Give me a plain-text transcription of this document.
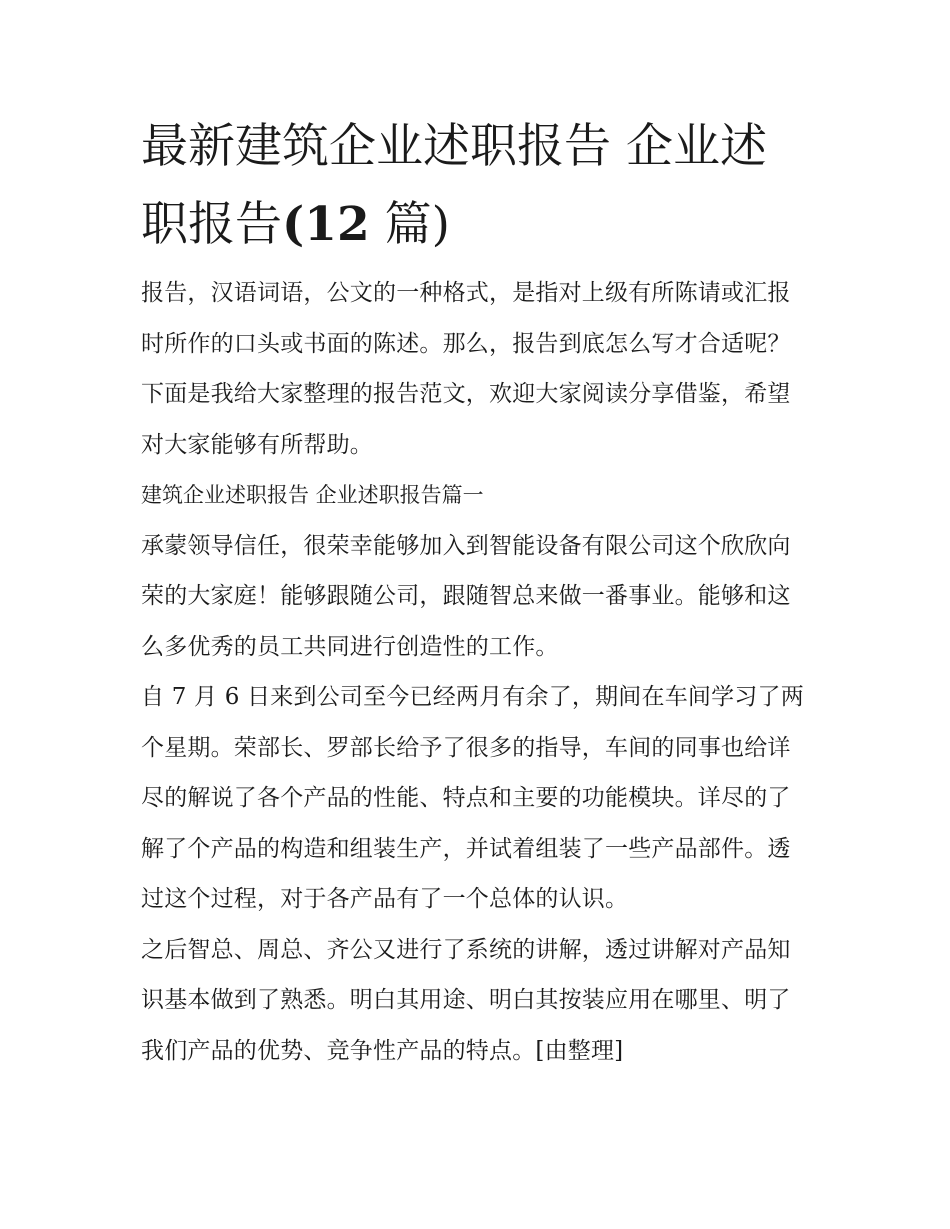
最新建筑企业述职报告 企业述职报告(12 篇)

报告，汉语词语，公文的一种格式，是指对上级有所陈请或汇报时所作的口头或书面的陈述。那么，报告到底怎么写才合适呢？下面是我给大家整理的报告范文，欢迎大家阅读分享借鉴，希望对大家能够有所帮助。

建筑企业述职报告 企业述职报告篇一

承蒙领导信任，很荣幸能够加入到智能设备有限公司这个欣欣向荣的大家庭！能够跟随公司，跟随智总来做一番事业。能够和这么多优秀的员工共同进行创造性的工作。

自 7 月 6 日来到公司至今已经两月有余了，期间在车间学习了两个星期。荣部长、罗部长给予了很多的指导，车间的同事也给详尽的解说了各个产品的性能、特点和主要的功能模块。详尽的了解了个产品的构造和组装生产，并试着组装了一些产品部件。透过这个过程，对于各产品有了一个总体的认识。

之后智总、周总、齐公又进行了系统的讲解，透过讲解对产品知识基本做到了熟悉。明白其用途、明白其按装应用在哪里、明了我们产品的优势、竞争性产品的特点。[由整理]
